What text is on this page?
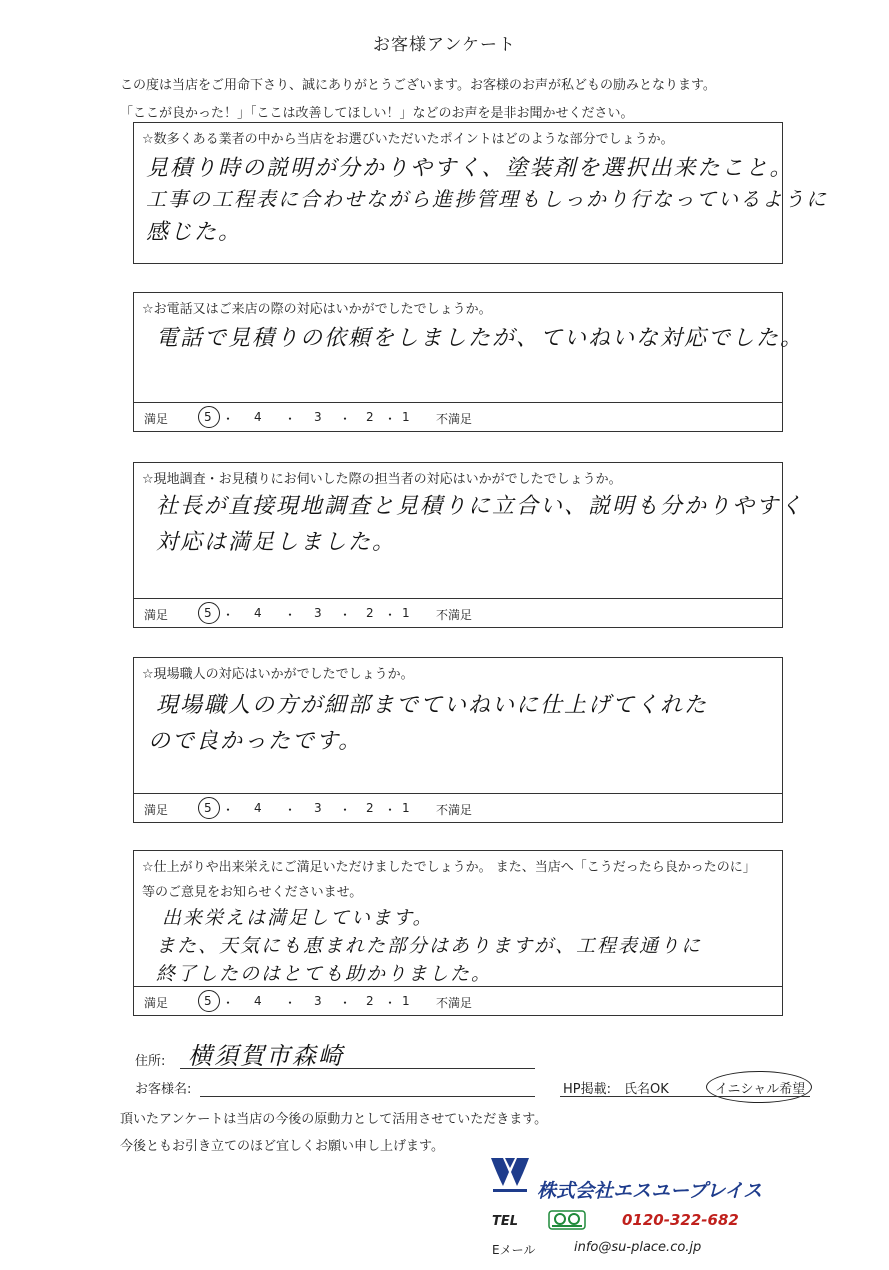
お客様アンケート
この度は当店をご用命下さり、誠にありがとうございます。お客様のお声が私どもの励みとなります。
「ここが良かった！」「ここは改善してほしい！」などのお声を是非お聞かせください。
☆数多くある業者の中から当店をお選びいただいたポイントはどのような部分でしょうか。
見積り時の説明が分かりやすく、塗装剤を選択出来たこと。
工事の工程表に合わせながら進捗管理もしっかり行なっているように
感じた。
☆お電話又はご来店の際の対応はいかがでしたでしょうか。
電話で見積りの依頼をしましたが、ていねいな対応でした。
満足	5 ・ 4 ・ 3 ・ 2 ・ 1 不満足
☆現地調査・お見積りにお伺いした際の担当者の対応はいかがでしたでしょうか。
社長が直接現地調査と見積りに立合い、説明も分かりやすく
対応は満足しました。
満足	5 ・ 4 ・ 3 ・ 2 ・ 1 不満足
☆現場職人の対応はいかがでしたでしょうか。
現場職人の方が細部までていねいに仕上げてくれた
ので良かったです。
満足	5 ・ 4 ・ 3 ・ 2 ・ 1 不満足
☆仕上がりや出来栄えにご満足いただけましたでしょうか。 また、当店へ「こうだったら良かったのに」
等のご意見をお知らせくださいませ。
出来栄えは満足しています。
また、天気にも恵まれた部分はありますが、工程表通りに
終了したのはとても助かりました。
満足	5 ・ 4 ・ 3 ・ 2 ・ 1 不満足
住所: 横須賀市森崎
お客様名:	HP掲載: 氏名OK	イニシャル希望
頂いたアンケートは当店の今後の原動力として活用させていただきます。
今後ともお引き立てのほど宜しくお願い申し上げます。
株式会社エスユープレイス
TEL	0120-322-682
Eメール	info@su-place.co.jp
